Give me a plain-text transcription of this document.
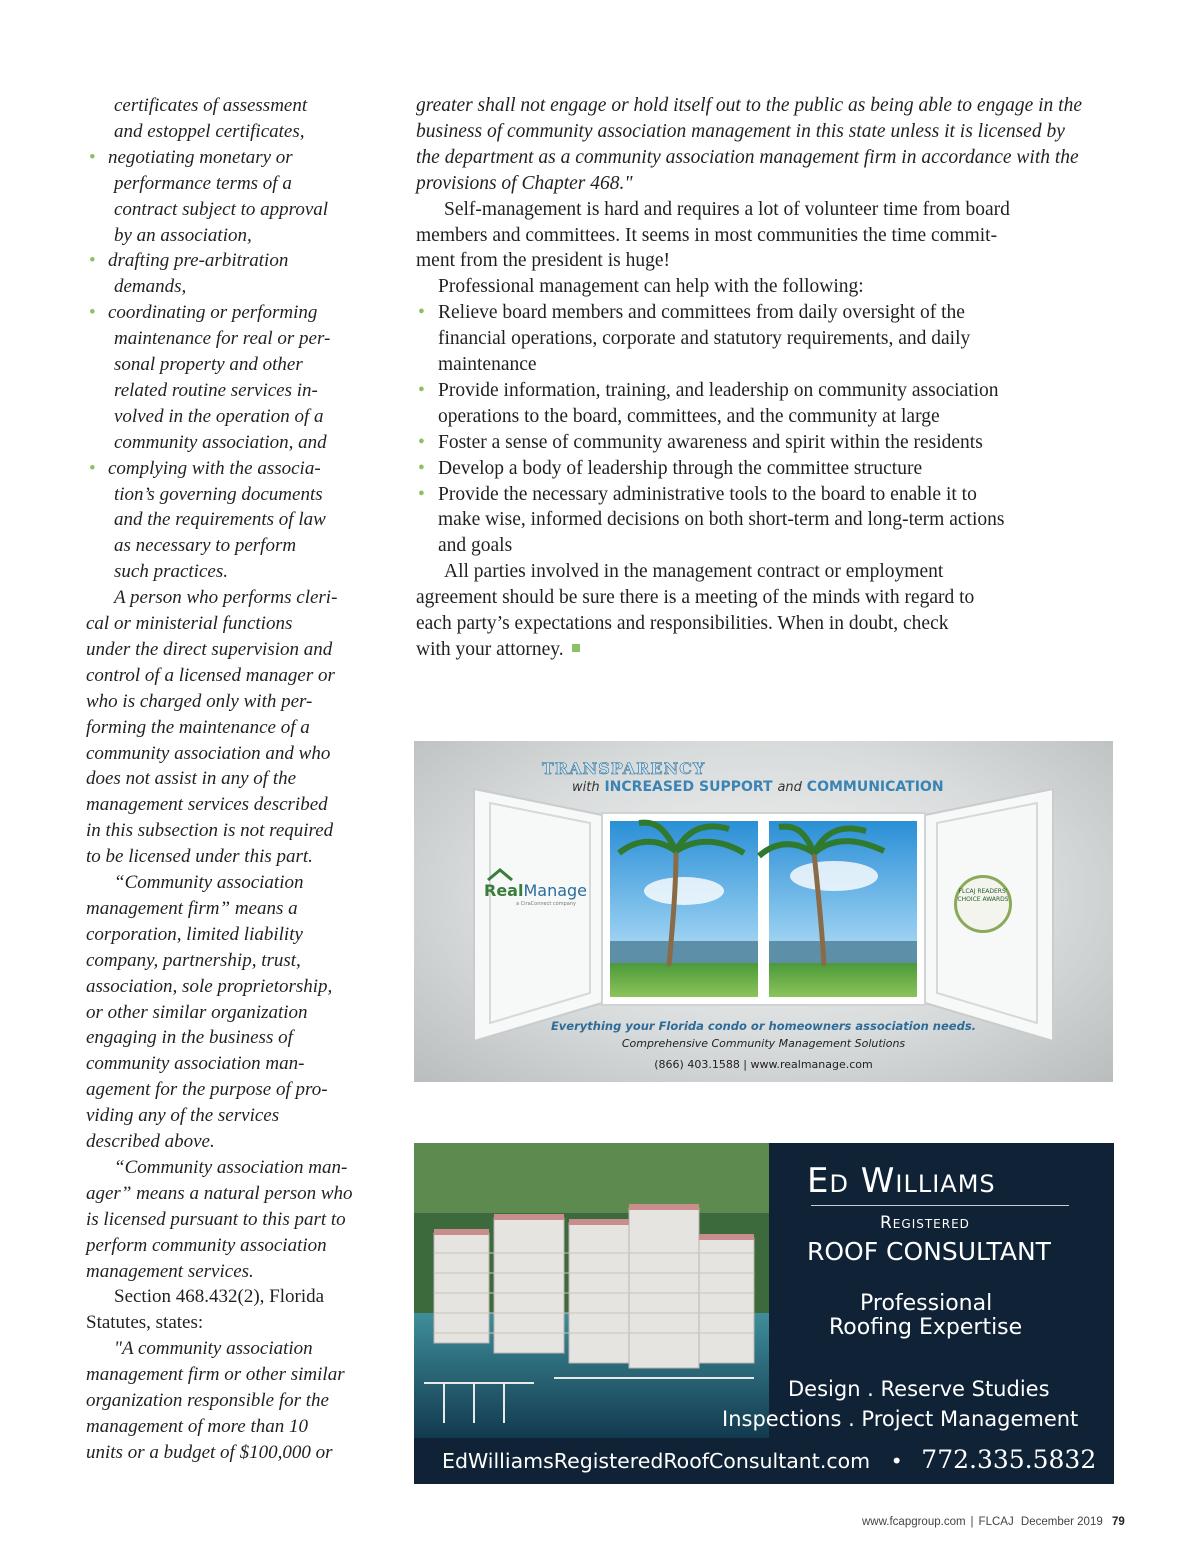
certificates of assessment
and estoppel certificates,
• negotiating monetary or
performance terms of a
contract subject to approval
by an association,
• drafting pre-arbitration
demands,
• coordinating or performing
maintenance for real or per-
sonal property and other
related routine services in-
volved in the operation of a
community association, and
• complying with the associa-
tion’s governing documents
and the requirements of law
as necessary to perform
such practices.
A person who performs cleri-
cal or ministerial functions
under the direct supervision and
control of a licensed manager or
who is charged only with per-
forming the maintenance of a
community association and who
does not assist in any of the
management services described
in this subsection is not required
to be licensed under this part.
“Community association
management firm” means a
corporation, limited liability
company, partnership, trust,
association, sole proprietorship,
or other similar organization
engaging in the business of
community association man-
agement for the purpose of pro-
viding any of the services
described above.
“Community association man-
ager” means a natural person who
is licensed pursuant to this part to
perform community association
management services.
Section 468.432(2), Florida
Statutes, states:
"A community association
management firm or other similar
organization responsible for the
management of more than 10
units or a budget of $100,000 or
greater shall not engage or hold itself out to the public as being able to engage in the
business of community association management in this state unless it is licensed by
the department as a community association management firm in accordance with the
provisions of Chapter 468."
Self-management is hard and requires a lot of volunteer time from board
members and committees. It seems in most communities the time commit-
ment from the president is huge!
Professional management can help with the following:
• Relieve board members and committees from daily oversight of the
financial operations, corporate and statutory requirements, and daily
maintenance
• Provide information, training, and leadership on community association
operations to the board, committees, and the community at large
• Foster a sense of community awareness and spirit within the residents
• Develop a body of leadership through the committee structure
• Provide the necessary administrative tools to the board to enable it to
make wise, informed decisions on both short-term and long-term actions
and goals
All parties involved in the management contract or employment
agreement should be sure there is a meeting of the minds with regard to
each party’s expectations and responsibilities. When in doubt, check
with your attorney.
TRANSPARENCY
with INCREASED SUPPORT and COMMUNICATION
RealManage
a CiraConnect company
FLCAJ READERS' CHOICE AWARDS
Everything your Florida condo or homeowners association needs.
Comprehensive Community Management Solutions
(866) 403.1588 | www.realmanage.com
Ed Williams
Registered
ROOF CONSULTANT
Professional
Roofing Expertise
Design . Reserve Studies
Inspections . Project Management
EdWilliamsRegisteredRoofConsultant.com • 772.335.5832
www.fcapgroup.com | FLCAJ December 2019 79
